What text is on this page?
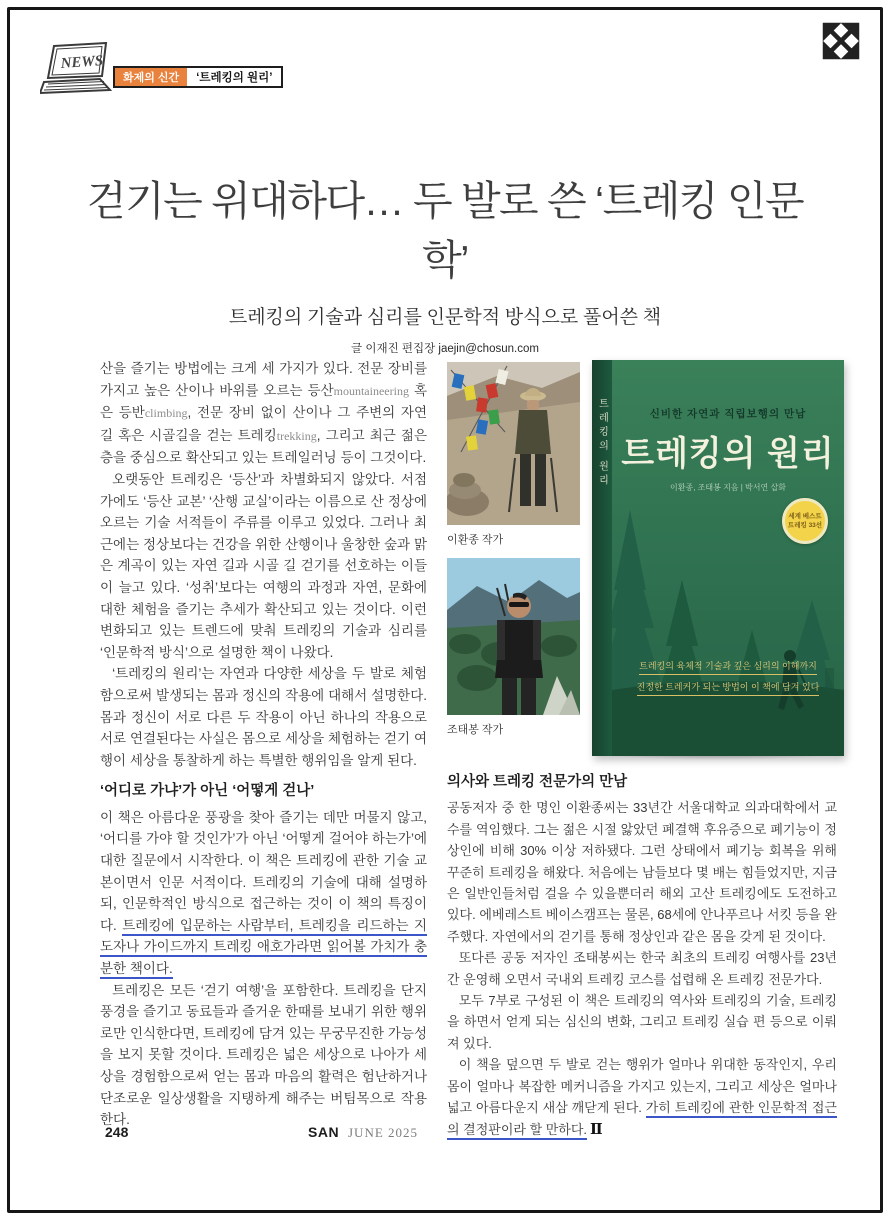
NEWS
화제의 신간	‘트레킹의 원리’
걷기는 위대하다… 두 발로 쓴 ‘트레킹 인문학’
트레킹의 기술과 심리를 인문학적 방식으로 풀어쓴 책
글 이재진 편집장 jaejin@chosun.com

산을 즐기는 방법에는 크게 세 가지가 있다. 전문 장비를 가지고 높은 산이나 바위를 오르는 등산mountaineering 혹은 등반climbing, 전문 장비 없이 산이나 그 주변의 자연 길 혹은 시골길을 걷는 트레킹trekking, 그리고 최근 젊은 층을 중심으로 확산되고 있는 트레일러닝 등이 그것이다.

오랫동안 트레킹은 ‘등산’과 차별화되지 않았다. 서점가에도 ‘등산 교본’ ‘산행 교실’이라는 이름으로 산 정상에 오르는 기술 서적들이 주류를 이루고 있었다. 그러나 최근에는 정상보다는 건강을 위한 산행이나 울창한 숲과 맑은 계곡이 있는 자연 길과 시골 길 걷기를 선호하는 이들이 늘고 있다. ‘성취’보다는 여행의 과정과 자연, 문화에 대한 체험을 즐기는 추세가 확산되고 있는 것이다. 이런 변화되고 있는 트렌드에 맞춰 트레킹의 기술과 심리를 ‘인문학적 방식’으로 설명한 책이 나왔다.

‘트레킹의 원리’는 자연과 다양한 세상을 두 발로 체험함으로써 발생되는 몸과 정신의 작용에 대해서 설명한다. 몸과 정신이 서로 다른 두 작용이 아닌 하나의 작용으로 서로 연결된다는 사실은 몸으로 세상을 체험하는 걷기 여행이 세상을 통찰하게 하는 특별한 행위임을 알게 된다.

‘어디로 가냐’가 아닌 ‘어떻게 걷나’

이 책은 아름다운 풍광을 찾아 즐기는 데만 머물지 않고, ‘어디를 가야 할 것인가’가 아닌 ‘어떻게 걸어야 하는가’에 대한 질문에서 시작한다. 이 책은 트레킹에 관한 기술 교본이면서 인문 서적이다. 트레킹의 기술에 대해 설명하되, 인문학적인 방식으로 접근하는 것이 이 책의 특징이다. 트레킹에 입문하는 사람부터, 트레킹을 리드하는 지도자나 가이드까지 트레킹 애호가라면 읽어볼 가치가 충분한 책이다.

트레킹은 모든 ‘걷기 여행’을 포함한다. 트레킹을 단지 풍경을 즐기고 동료들과 즐거운 한때를 보내기 위한 행위로만 인식한다면, 트레킹에 담겨 있는 무궁무진한 가능성을 보지 못할 것이다. 트레킹은 넓은 세상으로 나아가 세상을 경험함으로써 얻는 몸과 마음의 활력은 험난하거나 단조로운 일상생활을 지탱하게 해주는 버팀목으로 작용한다.

이환종 작가
조태봉 작가
트레킹의 원리	신비한 자연과 직립보행의 만남
트레킹의 원리
이환종, 조태봉 지음 | 박서연 삽화
세계 베스트
트레킹 33선
트레킹의 육체적 기술과 깊은 심리의 이해까지
진정한 트레커가 되는 방법이 이 책에 담겨 있다
의사와 트레킹 전문가의 만남

공동저자 중 한 명인 이환종씨는 33년간 서울대학교 의과대학에서 교수를 역임했다. 그는 젊은 시절 앓았던 폐결핵 후유증으로 폐기능이 정상인에 비해 30% 이상 저하됐다. 그런 상태에서 폐기능 회복을 위해 꾸준히 트레킹을 해왔다. 처음에는 남들보다 몇 배는 힘들었지만, 지금은 일반인들처럼 걸을 수 있을뿐더러 해외 고산 트레킹에도 도전하고 있다. 에베레스트 베이스캠프는 물론, 68세에 안나푸르나 서킷 등을 완주했다. 자연에서의 걷기를 통해 정상인과 같은 몸을 갖게 된 것이다.

또다른 공동 저자인 조태봉씨는 한국 최초의 트레킹 여행사를 23년간 운영해 오면서 국내외 트레킹 코스를 섭렵해 온 트레킹 전문가다.

모두 7부로 구성된 이 책은 트레킹의 역사와 트레킹의 기술, 트레킹을 하면서 얻게 되는 심신의 변화, 그리고 트레킹 실습 편 등으로 이뤄져 있다.

이 책을 덮으면 두 발로 걷는 행위가 얼마나 위대한 동작인지, 우리 몸이 얼마나 복잡한 메커니즘을 가지고 있는지, 그리고 세상은 얼마나 넓고 아름다운지 새삼 깨닫게 된다. 가히 트레킹에 관한 인문학적 접근의 결정판이라 할 만하다. Ⅱ

248	SAN JUNE 2025
